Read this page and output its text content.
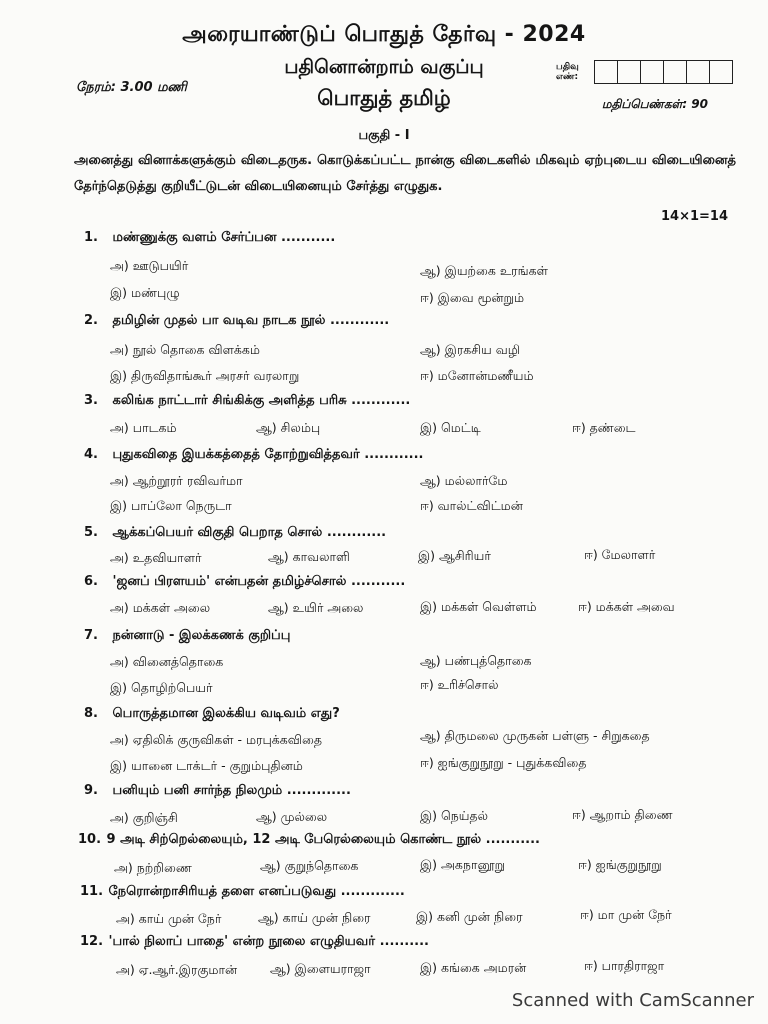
அரையாண்டுப் பொதுத் தேர்வு - 2024
பதினொன்றாம் வகுப்பு
பொதுத் தமிழ்
நேரம்: 3.00 மணி
மதிப்பெண்கள்: 90
பதிவு எண்:
பகுதி - I
அனைத்து வினாக்களுக்கும் விடைதருக. கொடுக்கப்பட்ட நான்கு விடைகளில் மிகவும் ஏற்புடைய விடையினைத் தேர்ந்தெடுத்து குறியீட்டுடன் விடையினையும் சேர்த்து எழுதுக.
14×1=14
1. மண்ணுக்கு வளம் சேர்ப்பன ...........
அ) ஊடுபயிர்	ஆ) இயற்கை உரங்கள்
இ) மண்புழு	ஈ) இவை மூன்றும்
2. தமிழின் முதல் பா வடிவ நாடக நூல் ............
அ) நூல் தொகை விளக்கம்	ஆ) இரகசிய வழி
இ) திருவிதாங்கூர் அரசர் வரலாறு	ஈ) மனோன்மணீயம்
3. கலிங்க நாட்டார் சிங்கிக்கு அளித்த பரிசு ............
அ) பாடகம்	ஆ) சிலம்பு	இ) மெட்டி	ஈ) தண்டை
4. புதுகவிதை இயக்கத்தைத் தோற்றுவித்தவர் ............
அ) ஆற்றூரர் ரவிவர்மா	ஆ) மல்லார்மே
இ) பாப்லோ நெருடா	ஈ) வால்ட்விட்மன்
5. ஆக்கப்பெயர் விகுதி பெறாத சொல் ............
அ) உதவியாளர்	ஆ) காவலாளி	இ) ஆசிரியர்	ஈ) மேலாளர்
6. 'ஜனப் பிரளயம்' என்பதன் தமிழ்ச்சொல் ...........
அ) மக்கள் அலை	ஆ) உயிர் அலை	இ) மக்கள் வெள்ளம்	ஈ) மக்கள் அவை
7. நன்னாடு - இலக்கணக் குறிப்பு
அ) வினைத்தொகை	ஆ) பண்புத்தொகை
இ) தொழிற்பெயர்	ஈ) உரிச்சொல்
8. பொருத்தமான இலக்கிய வடிவம் எது?
அ) ஏதிலிக் குருவிகள் - மரபுக்கவிதை	ஆ) திருமலை முருகன் பள்ளு - சிறுகதை
இ) யானை டாக்டர் - குறும்புதினம்	ஈ) ஐங்குறுநூறு - புதுக்கவிதை
9. பனியும் பனி சார்ந்த நிலமும் .............
அ) குறிஞ்சி	ஆ) முல்லை	இ) நெய்தல்	ஈ) ஆறாம் திணை
10. 9 அடி சிற்றெல்லையும், 12 அடி பேரெல்லையும் கொண்ட நூல் ...........
அ) நற்றிணை	ஆ) குறுந்தொகை	இ) அகநானூறு	ஈ) ஐங்குறுநூறு
11. நேரொன்றாசிரியத் தளை எனப்படுவது .............
அ) காய் முன் நேர்	ஆ) காய் முன் நிரை	இ) கனி முன் நிரை	ஈ) மா முன் நேர்
12. 'பால் நிலாப் பாதை' என்ற நூலை எழுதியவர் ..........
அ) ஏ.ஆர்.இரகுமான்	ஆ) இளையராஜா	இ) கங்கை அமரன்	ஈ) பாரதிராஜா
Scanned with CamScanner
